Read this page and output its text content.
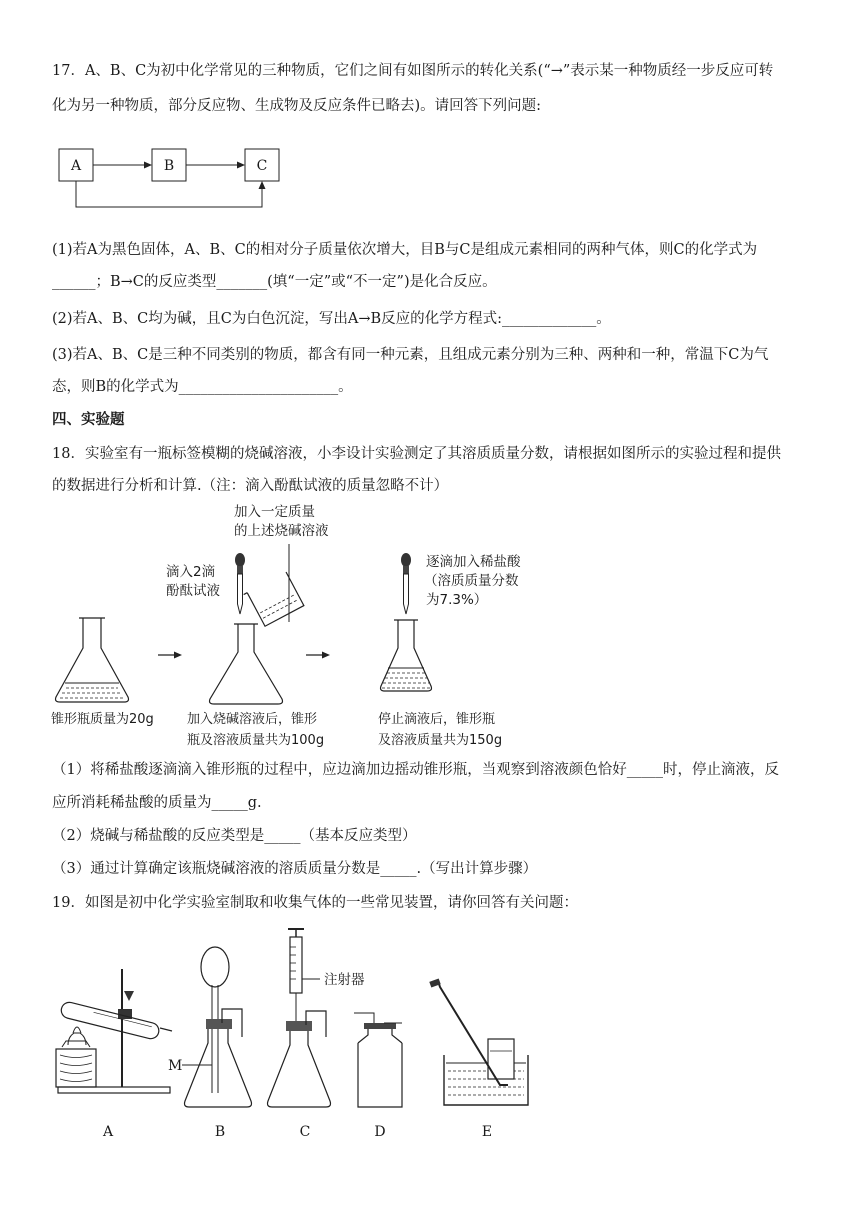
17．A、B、C为初中化学常见的三种物质，它们之间有如图所示的转化关系(“→”表示某一种物质经一步反应可转
化为另一种物质，部分反应物、生成物及反应条件已略去)。请回答下列问题:
A	B	C
(1)若A为黑色固体，A、B、C的相对分子质量依次增大，目B与C是组成元素相同的两种气体，则C的化学式为
______；B→C的反应类型_______(填“一定”或“不一定”)是化合反应。
(2)若A、B、C均为碱，且C为白色沉淀，写出A→B反应的化学方程式:_____________。
(3)若A、B、C是三种不同类别的物质，都含有同一种元素，且组成元素分别为三种、两种和一种，常温下C为气
态，则B的化学式为______________________。
四、实验题
18．实验室有一瓶标签模糊的烧碱溶液，小李设计实验测定了其溶质质量分数，请根据如图所示的实验过程和提供
的数据进行分析和计算.（注：滴入酚酞试液的质量忽略不计）
加入一定质量
的上述烧碱溶液
滴入2滴
酚酞试液
逐滴加入稀盐酸
（溶质质量分数
为7.3%）
锥形瓶质量为20g	加入烧碱溶液后，锥形
瓶及溶液质量共为100g
停止滴液后，锥形瓶
及溶液质量共为150g
（1）将稀盐酸逐滴滴入锥形瓶的过程中，应边滴加边摇动锥形瓶，当观察到溶液颜色恰好_____时，停止滴液，反
应所消耗稀盐酸的质量为_____g.
（2）烧碱与稀盐酸的反应类型是_____（基本反应类型）
（3）通过计算确定该瓶烧碱溶液的溶质质量分数是_____.（写出计算步骤）
19．如图是初中化学实验室制取和收集气体的一些常见装置，请你回答有关问题：
M
注射器
A	B	C	D	E
